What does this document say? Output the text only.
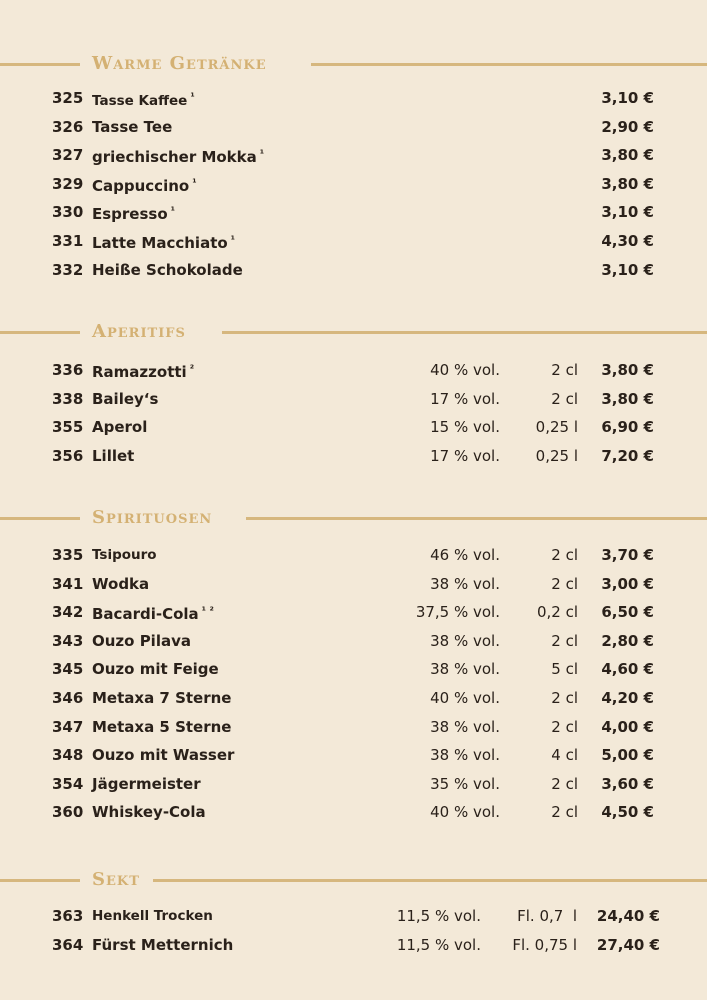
Warme Getränke
325 Tasse Kaffee $^{^1}$	3,10 €
326 Tasse Tee	2,90 €
327 griechischer Mokka $^{^1}$	3,80 €
329 Cappuccino $^{^1}$	3,80 €
330 Espresso $^{^1}$	3,10 €
331 Latte Macchiato $^{^1}$	4,30 €
332 Heiße Schokolade	3,10 €
Aperitifs
336 Ramazzotti $^{^2}$	40 % vol.	2 cl 3,80 €
338 Bailey‘s	17 % vol.	2 cl 3,80 €
355 Aperol	15 % vol. 0,25 l 6,90 €
356 Lillet	17 % vol. 0,25 l 7,20 €
Spirituosen
335 Tsipouro	46 % vol.	2 cl 3,70 €
341 Wodka	38 % vol.	2 cl 3,00 €
342 Bacardi-Cola $^{^1 ^2}$	37,5 % vol. 0,2 cl 6,50 €
343 Ouzo Pilava	38 % vol.	2 cl 2,80 €
345 Ouzo mit Feige	38 % vol.	5 cl 4,60 €
346 Metaxa 7 Sterne	40 % vol.	2 cl 4,20 €
347 Metaxa 5 Sterne	38 % vol.	2 cl 4,00 €
348 Ouzo mit Wasser	38 % vol.	4 cl 5,00 €
354 Jägermeister	35 % vol.	2 cl 3,60 €
360 Whiskey-Cola	40 % vol.	2 cl 4,50 €
Sekt
363 Henkell Trocken	11,5 % vol. Fl. 0,7  l 24,40 €
364 Fürst Metternich	11,5 % vol. Fl. 0,75 l 27,40 €
